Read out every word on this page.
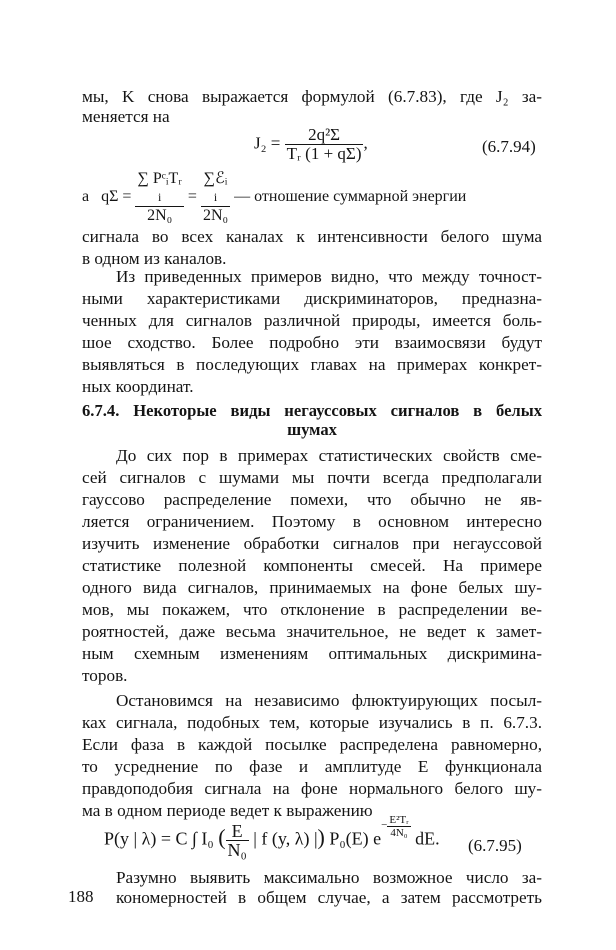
мы, K снова выражается формулой (6.7.83), где J₂ за-
меняется на
$J_2 = \frac{\text{2q²Σ}}{\text{Tᵣ (1 + qΣ)}}$ ,	(6.7.94)
а qΣ =
∑ PᶜᵢTᵣ
i
2N₀
=
∑ℰᵢ
i
2N₀
— отношение суммарной энергии
сигнала во всех каналах к интенсивности белого шума
в одном из каналов.
Из приведенных примеров видно, что между точност-
ными характеристиками дискриминаторов, предназна-
ченных для сигналов различной природы, имеется боль-
шое сходство. Более подробно эти взаимосвязи будут
выявляться в последующих главах на примерах конкрет-
ных координат.
6.7.4. Некоторые виды негауссовых сигналов в белых
шумах
До сих пор в примерах статистических свойств сме-
сей сигналов с шумами мы почти всегда предполагали
гауссово распределение помехи, что обычно не яв-
ляется ограничением. Поэтому в основном интересно
изучить изменение обработки сигналов при негауссовой
статистике полезной компоненты смесей. На примере
одного вида сигналов, принимаемых на фоне белых шу-
мов, мы покажем, что отклонение в распределении ве-
роятностей, даже весьма значительное, не ведет к замет-
ным схемным изменениям оптимальных дискримина-
торов.
Остановимся на независимо флюктуирующих посыл-
ках сигнала, подобных тем, которые изучались в п. 6.7.3.
Если фаза в каждой посылке распределена равномерно,
то усреднение по фазе и амплитуде E функционала
правдоподобия сигнала на фоне нормального белого шу-
ма в одном периоде ведет к выражению
P(y | λ) = C ∫ I₀ ( $\frac{E}{\text{N₀}}$ | f (y, λ) |) P₀(E) $e^- \frac{\text{E²Tᵣ}}{\text{4N₀}}$ dE. (6.7.95)
Разумно выявить максимально возможное число за-
кономерностей в общем случае, а затем рассмотреть
188
